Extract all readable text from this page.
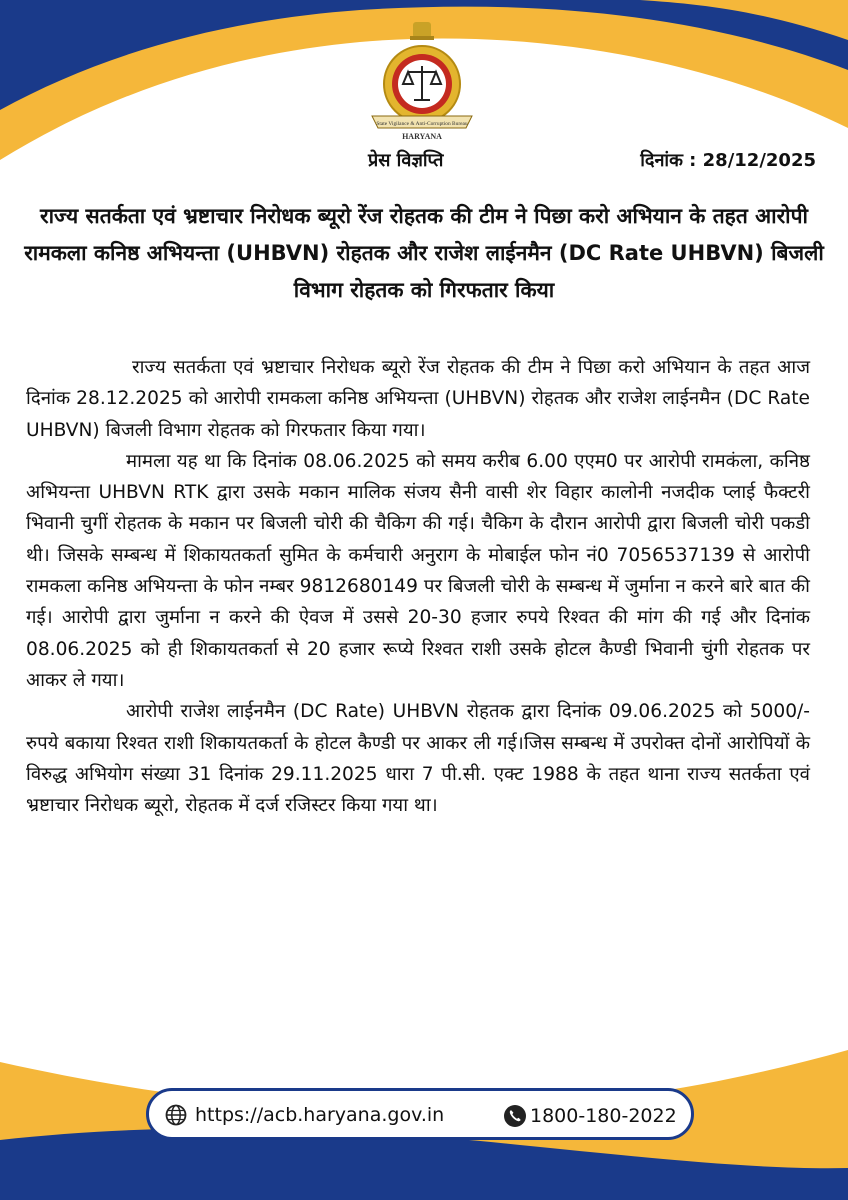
State Vigilance & Anti-Corruption Bureau
HARYANA
प्रेस विज्ञप्ति	दिनांक : 28/12/2025
राज्य सतर्कता एवं भ्रष्टाचार निरोधक ब्यूरो रेंज रोहतक की टीम ने पिछा करो अभियान के तहत आरोपी रामकला कनिष्ठ अभियन्ता (UHBVN) रोहतक और राजेश लाईनमैन (DC Rate UHBVN) बिजली विभाग रोहतक को गिरफतार किया

राज्य सतर्कता एवं भ्रष्टाचार निरोधक ब्यूरो रेंज रोहतक की टीम ने पिछा करो अभियान के तहत आज दिनांक 28.12.2025 को आरोपी रामकला कनिष्ठ अभियन्ता (UHBVN) रोहतक और राजेश लाईनमैन (DC Rate UHBVN) बिजली विभाग रोहतक को गिरफतार किया गया।

मामला यह था कि दिनांक 08.06.2025 को समय करीब 6.00 एएम0 पर आरोपी रामकंला, कनिष्ठ अभियन्ता UHBVN RTK द्वारा उसके मकान मालिक संजय सैनी वासी शेर विहार कालोनी नजदीक प्लाई फैक्टरी भिवानी चुगीं रोहतक के मकान पर बिजली चोरी की चैकिग की गई। चैकिग के दौरान आरोपी द्वारा बिजली चोरी पकडी थी। जिसके सम्बन्ध में शिकायतकर्ता सुमित के कर्मचारी अनुराग के मोबाईल फोन नं0 7056537139 से आरोपी रामकला कनिष्ठ अभियन्ता के फोन नम्बर 9812680149 पर बिजली चोरी के सम्बन्ध में जुर्माना न करने बारे बात की गई। आरोपी द्वारा जुर्माना न करने की ऐवज में उससे 20-30 हजार रुपये रिश्वत की मांग की गई और दिनांक 08.06.2025 को ही शिकायतकर्ता से 20 हजार रूप्ये रिश्वत राशी उसके होटल कैण्डी भिवानी चुंगी रोहतक पर आकर ले गया।

आरोपी राजेश लाईनमैन (DC Rate) UHBVN रोहतक द्वारा दिनांक 09.06.2025 को 5000/-रुपये बकाया रिश्वत राशी शिकायतकर्ता के होटल कैण्डी पर आकर ली गई।जिस सम्बन्ध में उपरोक्त दोनों आरोपियों के विरुद्ध अभियोग संख्या 31 दिनांक 29.11.2025 धारा 7 पी.सी. एक्ट 1988 के तहत थाना राज्य सतर्कता एवं भ्रष्टाचार निरोधक ब्यूरो, रोहतक में दर्ज रजिस्टर किया गया था।

https://acb.haryana.gov.in	1800-180-2022
